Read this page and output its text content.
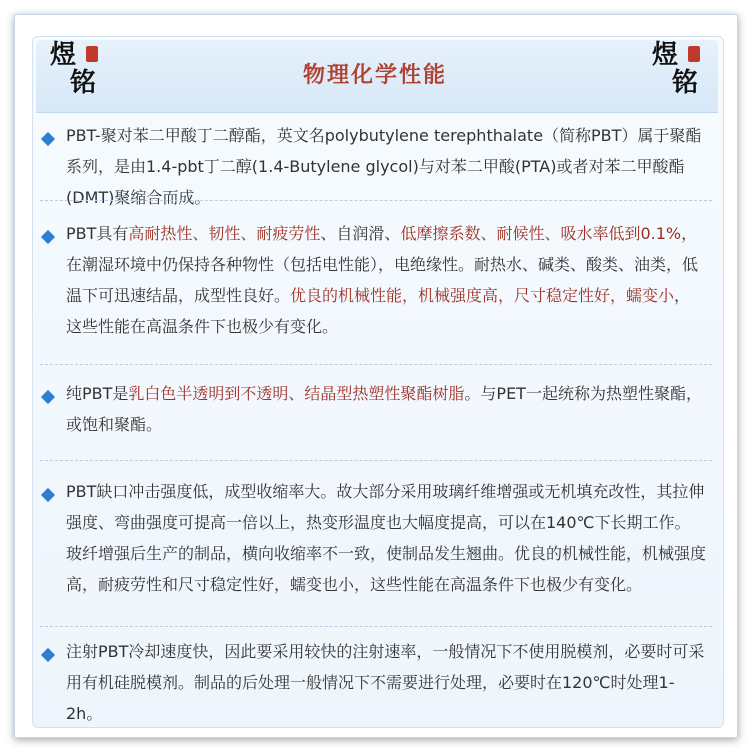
煜
铭
煜
铭
物理化学性能
PBT-聚对苯二甲酸丁二醇酯，英文名polybutylene terephthalate（简称PBT）属于聚酯系列，是由1.4-pbt丁二醇(1.4-Butylene glycol)与对苯二甲酸(PTA)或者对苯二甲酸酯(DMT)聚缩合而成。
PBT具有高耐热性、韧性、耐疲劳性、自润滑、低摩擦系数、耐候性、吸水率低到0.1%，在潮湿环境中仍保持各种物性（包括电性能），电绝缘性。耐热水、碱类、酸类、油类，低温下可迅速结晶，成型性良好。优良的机械性能，机械强度高，尺寸稳定性好，蠕变小，这些性能在高温条件下也极少有变化。
纯PBT是乳白色半透明到不透明、结晶型热塑性聚酯树脂。与PET一起统称为热塑性聚酯，或饱和聚酯。
PBT缺口冲击强度低，成型收缩率大。故大部分采用玻璃纤维增强或无机填充改性，其拉伸强度、弯曲强度可提高一倍以上，热变形温度也大幅度提高，可以在140℃下长期工作。玻纤增强后生产的制品，横向收缩率不一致，使制品发生翘曲。优良的机械性能，机械强度高，耐疲劳性和尺寸稳定性好，蠕变也小，这些性能在高温条件下也极少有变化。
注射PBT冷却速度快，因此要采用较快的注射速率，一般情况下不使用脱模剂，必要时可采用有机硅脱模剂。制品的后处理一般情况下不需要进行处理，必要时在120℃时处理1-2h。
